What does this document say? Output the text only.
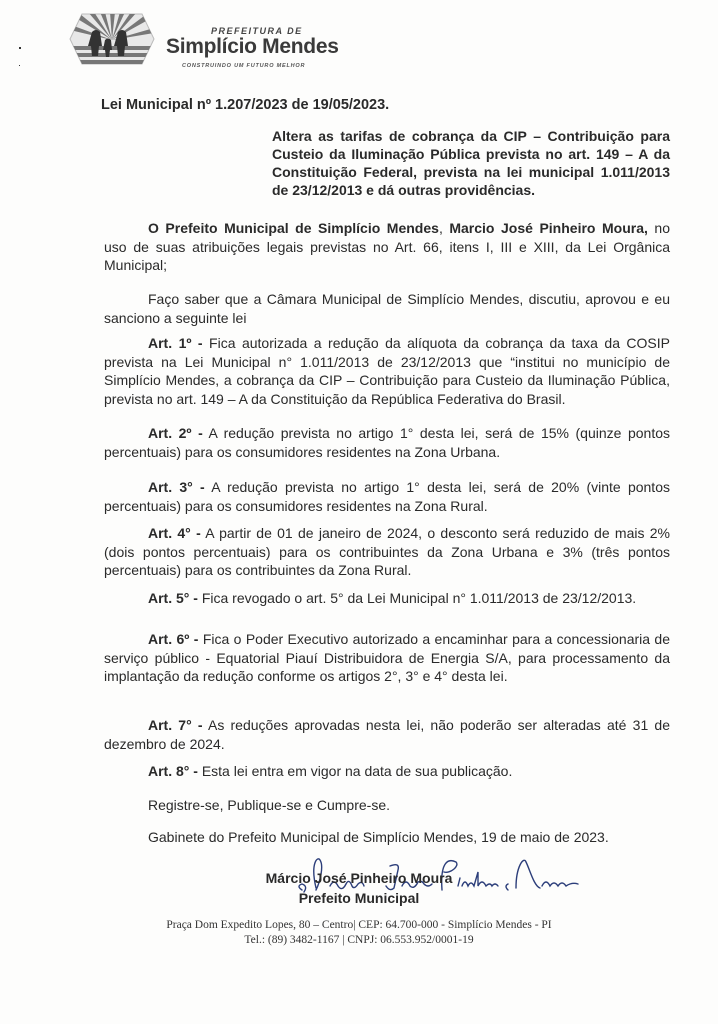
PREFEITURA DE
Simplício Mendes
CONSTRUINDO UM FUTURO MELHOR
Lei Municipal nº 1.207/2023 de 19/05/2023.
Altera as tarifas de cobrança da CIP – Contribuição para Custeio da Iluminação Pública prevista no art. 149 – A da Constituição Federal, prevista na lei municipal 1.011/2013 de 23/12/2013 e dá outras providências.
O Prefeito Municipal de Simplício Mendes, Marcio José Pinheiro Moura, no uso de suas atribuições legais previstas no Art. 66, itens I, III e XIII, da Lei Orgânica Municipal;
Faço saber que a Câmara Municipal de Simplício Mendes, discutiu, aprovou e eu sanciono a seguinte lei
Art. 1º - Fica autorizada a redução da alíquota da cobrança da taxa da COSIP prevista na Lei Municipal n° 1.011/2013 de 23/12/2013 que “institui no município de Simplício Mendes, a cobrança da CIP – Contribuição para Custeio da Iluminação Pública, prevista no art. 149 – A da Constituição da República Federativa do Brasil.
Art. 2º - A redução prevista no artigo 1° desta lei, será de 15% (quinze pontos percentuais) para os consumidores residentes na Zona Urbana.
Art. 3° - A redução prevista no artigo 1° desta lei, será de 20% (vinte pontos percentuais) para os consumidores residentes na Zona Rural.
Art. 4° - A partir de 01 de janeiro de 2024, o desconto será reduzido de mais 2% (dois pontos percentuais) para os contribuintes da Zona Urbana e 3% (três pontos percentuais) para os contribuintes da Zona Rural.
Art. 5° - Fica revogado o art. 5° da Lei Municipal n° 1.011/2013 de 23/12/2013.
Art. 6º - Fica o Poder Executivo autorizado a encaminhar para a concessionaria de serviço público - Equatorial Piauí Distribuidora de Energia S/A, para processamento da implantação da redução conforme os artigos 2°, 3° e 4° desta lei.
Art. 7° - As reduções aprovadas nesta lei, não poderão ser alteradas até 31 de dezembro de 2024.
Art. 8° - Esta lei entra em vigor na data de sua publicação.
Registre-se, Publique-se e Cumpre-se.
Gabinete do Prefeito Municipal de Simplício Mendes, 19 de maio de 2023.
Márcio José Pinheiro Moura
Prefeito Municipal
Praça Dom Expedito Lopes, 80 – Centro| CEP: 64.700-000 - Simplício Mendes - PI
Tel.: (89) 3482-1167 | CNPJ: 06.553.952/0001-19
